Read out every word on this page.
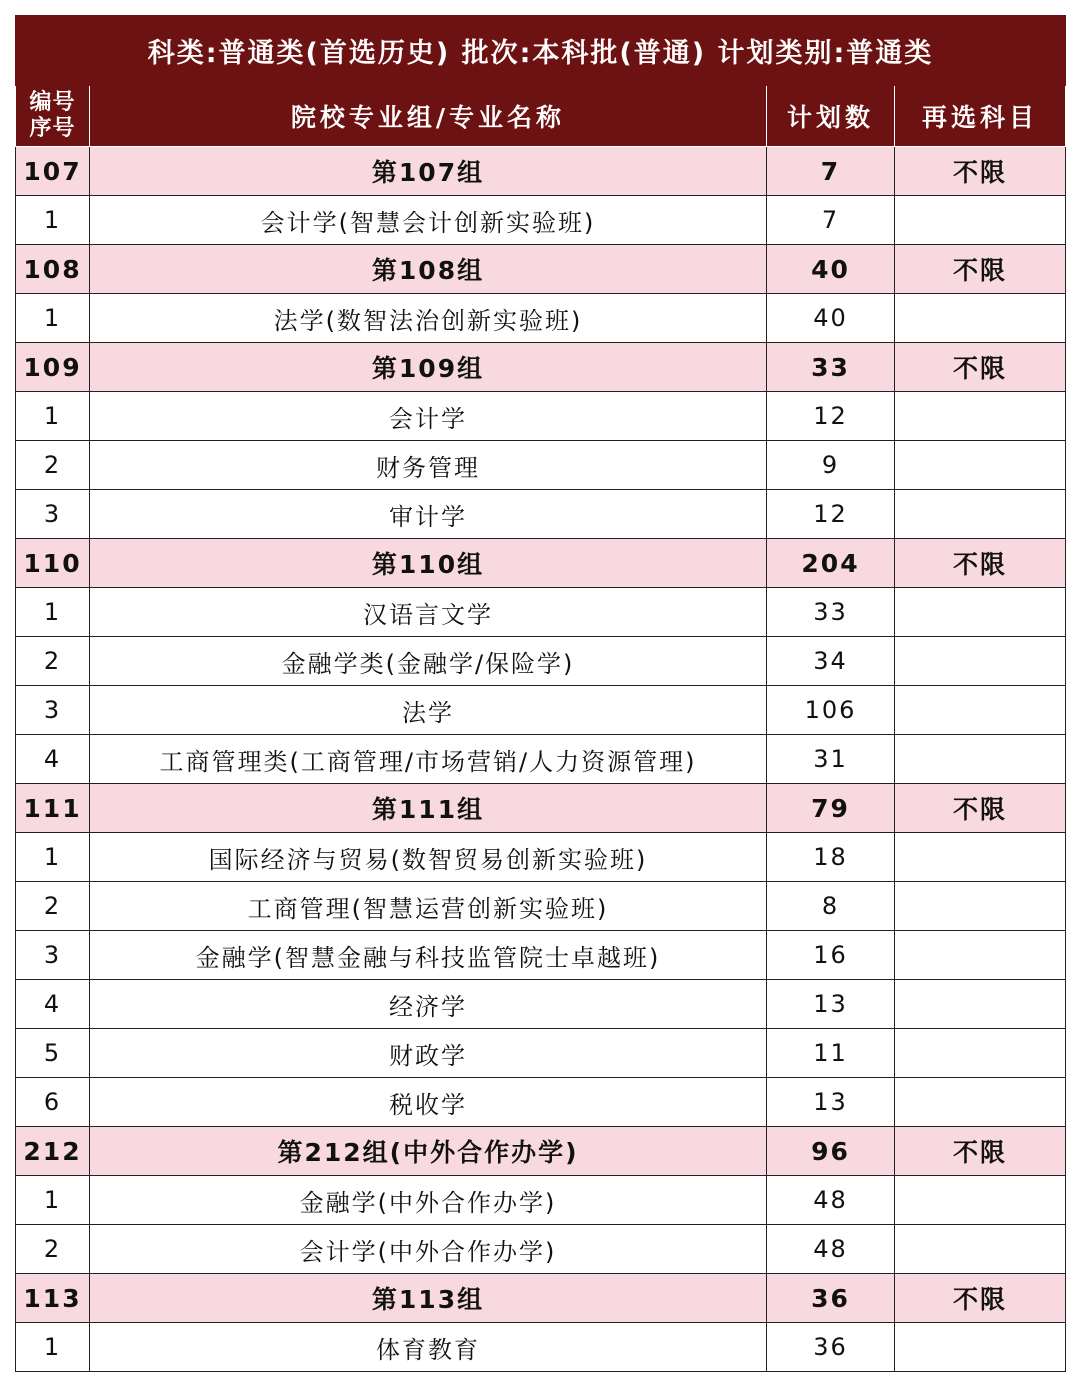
科类:普通类(首选历史) 批次:本科批(普通) 计划类别:普通类			

编号
序号	院校专业组/专业名称	计划数	再选科目
107	第107组	7	不限
1	会计学(智慧会计创新实验班)	7	
108	第108组	40	不限
1	法学(数智法治创新实验班)	40	
109	第109组	33	不限
1	会计学	12	
2	财务管理	9	
3	审计学	12	
110	第110组	204	不限
1	汉语言文学	33	
2	金融学类(金融学/保险学)	34	
3	法学	106	
4	工商管理类(工商管理/市场营销/人力资源管理)	31	
111	第111组	79	不限
1	国际经济与贸易(数智贸易创新实验班)	18	
2	工商管理(智慧运营创新实验班)	8	
3	金融学(智慧金融与科技监管院士卓越班)	16	
4	经济学	13	
5	财政学	11	
6	税收学	13	
212	第212组(中外合作办学)	96	不限
1	金融学(中外合作办学)	48	
2	会计学(中外合作办学)	48	
113	第113组	36	不限
1	体育教育	36	
